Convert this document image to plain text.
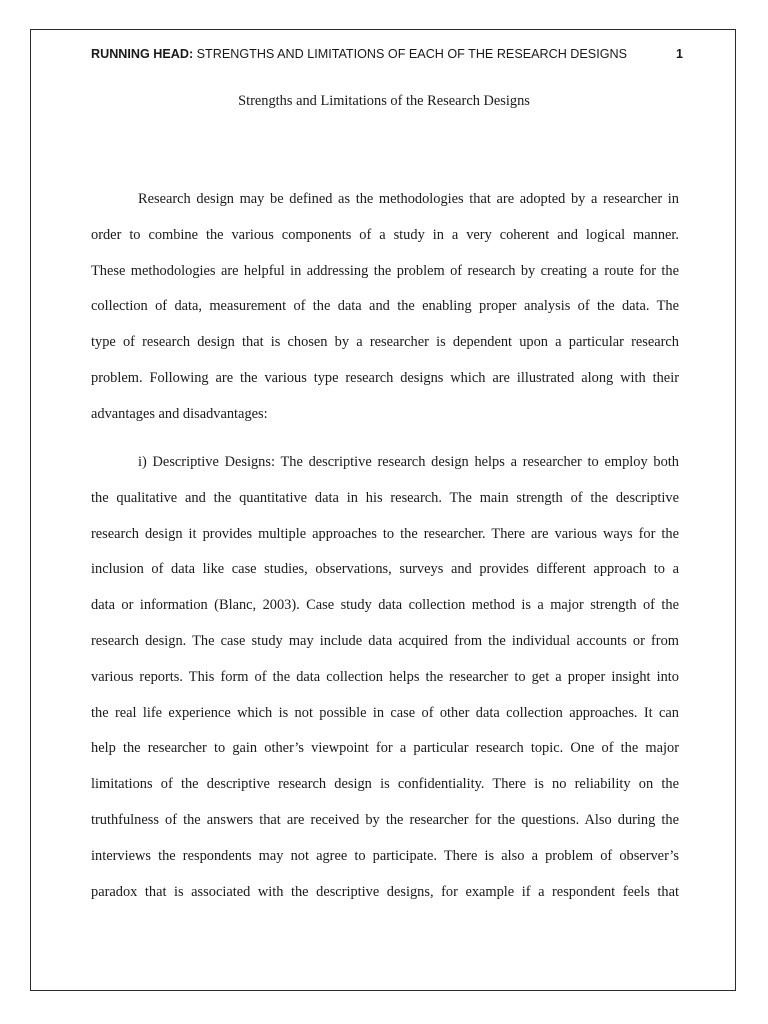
RUNNING HEAD: STRENGTHS AND LIMITATIONS OF EACH OF THE RESEARCH DESIGNS	1
Strengths and Limitations of the Research Designs
Research design may be defined as the methodologies that are adopted by a researcher in
order to combine the various components of a study in a very coherent and logical manner.
These methodologies are helpful in addressing the problem of research by creating a route for the
collection of data, measurement of the data and the enabling proper analysis of the data. The
type of research design that is chosen by a researcher is dependent upon a particular research
problem. Following are the various type research designs which are illustrated along with their
advantages and disadvantages:
i) Descriptive Designs: The descriptive research design helps a researcher to employ both
the qualitative and the quantitative data in his research. The main strength of the descriptive
research design it provides multiple approaches to the researcher. There are various ways for the
inclusion of data like case studies, observations, surveys and provides different approach to a
data or information (Blanc, 2003). Case study data collection method is a major strength of the
research design. The case study may include data acquired from the individual accounts or from
various reports. This form of the data collection helps the researcher to get a proper insight into
the real life experience which is not possible in case of other data collection approaches. It can
help the researcher to gain other’s viewpoint for a particular research topic. One of the major
limitations of the descriptive research design is confidentiality. There is no reliability on the
truthfulness of the answers that are received by the researcher for the questions. Also during the
interviews the respondents may not agree to participate. There is also a problem of observer’s
paradox that is associated with the descriptive designs, for example if a respondent feels that
